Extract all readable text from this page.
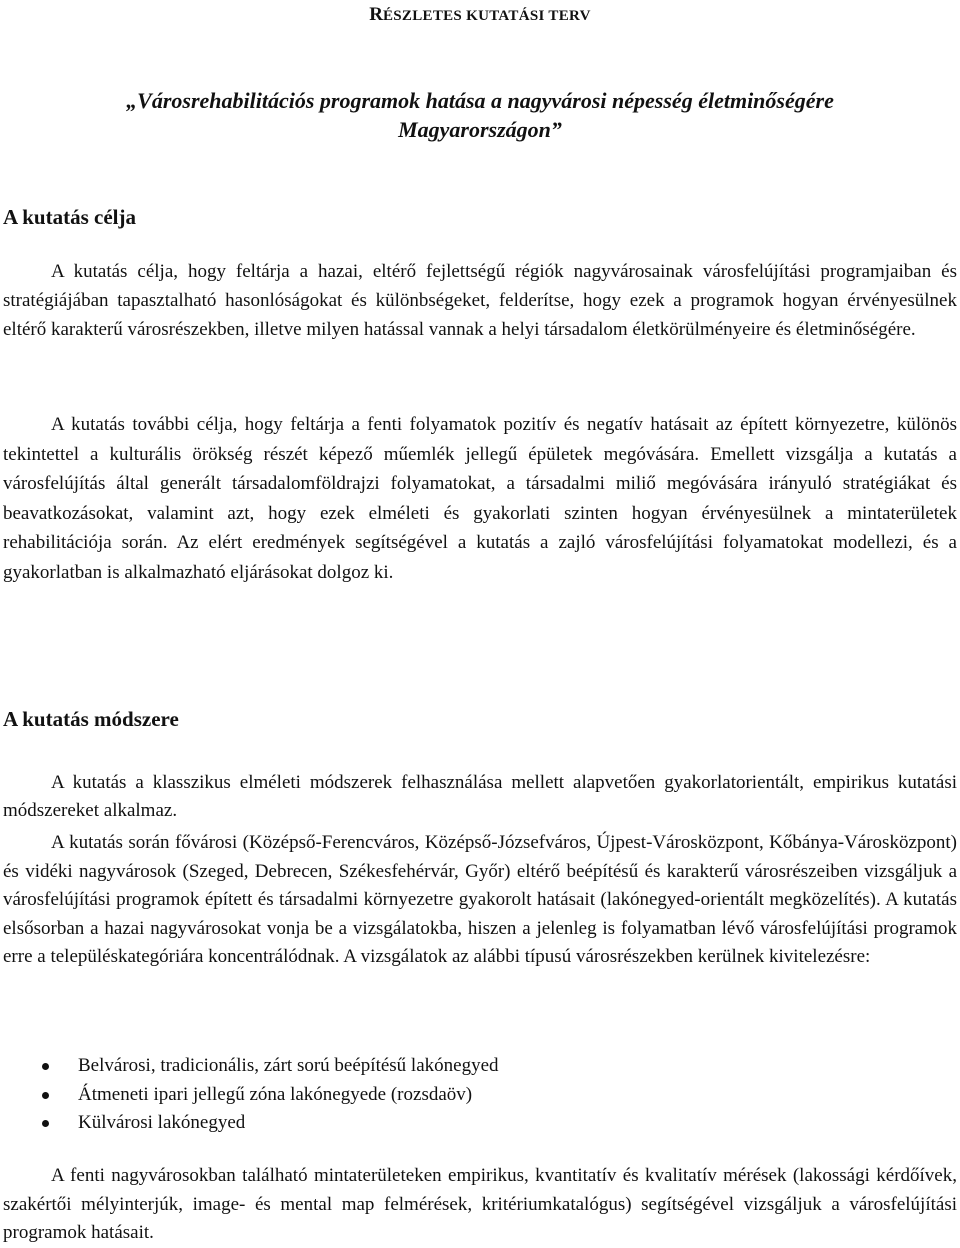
RÉSZLETES KUTATÁSI TERV
„Városrehabilitációs programok hatása a nagyvárosi népesség életminőségére
Magyarországon”
A kutatás célja

A kutatás célja, hogy feltárja a hazai, eltérő fejlettségű régiók nagyvárosainak városfelújítási programjaiban és stratégiájában tapasztalható hasonlóságokat és különbségeket, felderítse, hogy ezek a programok hogyan érvényesülnek eltérő karakterű városrészekben, illetve milyen hatással vannak a helyi társadalom életkörülményeire és életminőségére.

A kutatás további célja, hogy feltárja a fenti folyamatok pozitív és negatív hatásait az épített környezetre, különös tekintettel a kulturális örökség részét képező műemlék jellegű épületek megóvására. Emellett vizsgálja a kutatás a városfelújítás által generált társadalomföldrajzi folyamatokat, a társadalmi miliő megóvására irányuló stratégiákat és beavatkozásokat, valamint azt, hogy ezek elméleti és gyakorlati szinten hogyan érvényesülnek a mintaterületek rehabilitációja során. Az elért eredmények segítségével a kutatás a zajló városfelújítási folyamatokat modellezi, és a gyakorlatban is alkalmazható eljárásokat dolgoz ki.

A kutatás módszere

A kutatás a klasszikus elméleti módszerek felhasználása mellett alapvetően gyakorlatorientált, empirikus kutatási módszereket alkalmaz.

A kutatás során fővárosi (Középső-Ferencváros, Középső-Józsefváros, Újpest-Városközpont, Kőbánya-Városközpont) és vidéki nagyvárosok (Szeged, Debrecen, Székesfehérvár, Győr) eltérő beépítésű és karakterű városrészeiben vizsgáljuk a városfelújítási programok épített és társadalmi környezetre gyakorolt hatásait (lakónegyed-orientált megközelítés). A kutatás elsősorban a hazai nagyvárosokat vonja be a vizsgálatokba, hiszen a jelenleg is folyamatban lévő városfelújítási programok erre a településkategóriára koncentrálódnak. A vizsgálatok az alábbi típusú városrészekben kerülnek kivitelezésre:

Belvárosi, tradicionális, zárt sorú beépítésű lakónegyed
Átmeneti ipari jellegű zóna lakónegyede (rozsdaöv)
Külvárosi lakónegyed

A fenti nagyvárosokban található mintaterületeken empirikus, kvantitatív és kvalitatív mérések (lakossági kérdőívek, szakértői mélyinterjúk, image- és mental map felmérések, kritériumkatalógus) segítségével vizsgáljuk a városfelújítási programok hatásait.
